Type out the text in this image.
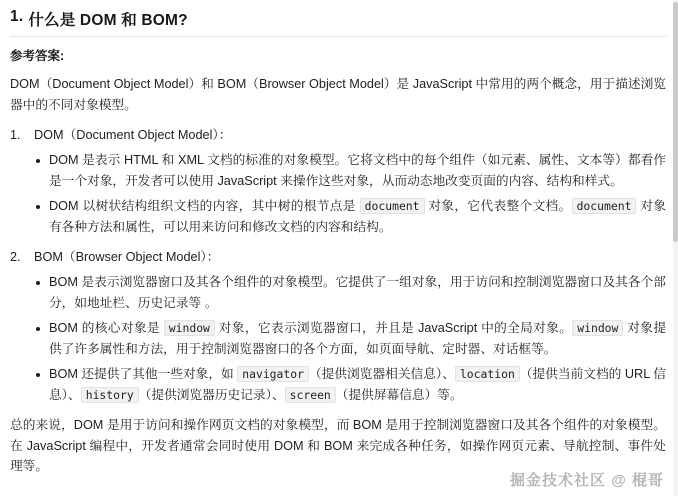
1. 什么是 DOM 和 BOM?
参考答案:

DOM（Document Object Model）和 BOM（Browser Object Model）是 JavaScript 中常用的两个概念，用于描述浏览器中的不同对象模型。

1.	DOM（Document Object Model）：
DOM 是表示 HTML 和 XML 文档的标准的对象模型。它将文档中的每个组件（如元素、属性、文本等）都看作是一个对象，开发者可以使用 JavaScript 来操作这些对象，从而动态地改变页面的内容、结构和样式。
DOM 以树状结构组织文档的内容，其中树的根节点是 document 对象，它代表整个文档。 document 对象有各种方法和属性，可以用来访问和修改文档的内容和结构。
2.	BOM（Browser Object Model）：
BOM 是表示浏览器窗口及其各个组件的对象模型。它提供了一组对象，用于访问和控制浏览器窗口及其各个部分，如地址栏、历史记录等 。
BOM 的核心对象是 window 对象，它表示浏览器窗口，并且是 JavaScript 中的全局对象。 window 对象提供了许多属性和方法，用于控制浏览器窗口的各个方面，如页面导航、定时器、对话框等。
BOM 还提供了其他一些对象，如 navigator （提供浏览器相关信息）、 location （提供当前文档的 URL 信息）、 history （提供浏览器历史记录）、 screen （提供屏幕信息）等。

总的来说，DOM 是用于访问和操作网页文档的对象模型，而 BOM 是用于控制浏览器窗口及其各个组件的对象模型。在 JavaScript 编程中，开发者通常会同时使用 DOM 和 BOM 来完成各种任务，如操作网页元素、导航控制、事件处理等。

掘金技术社区 @ 棍哥
